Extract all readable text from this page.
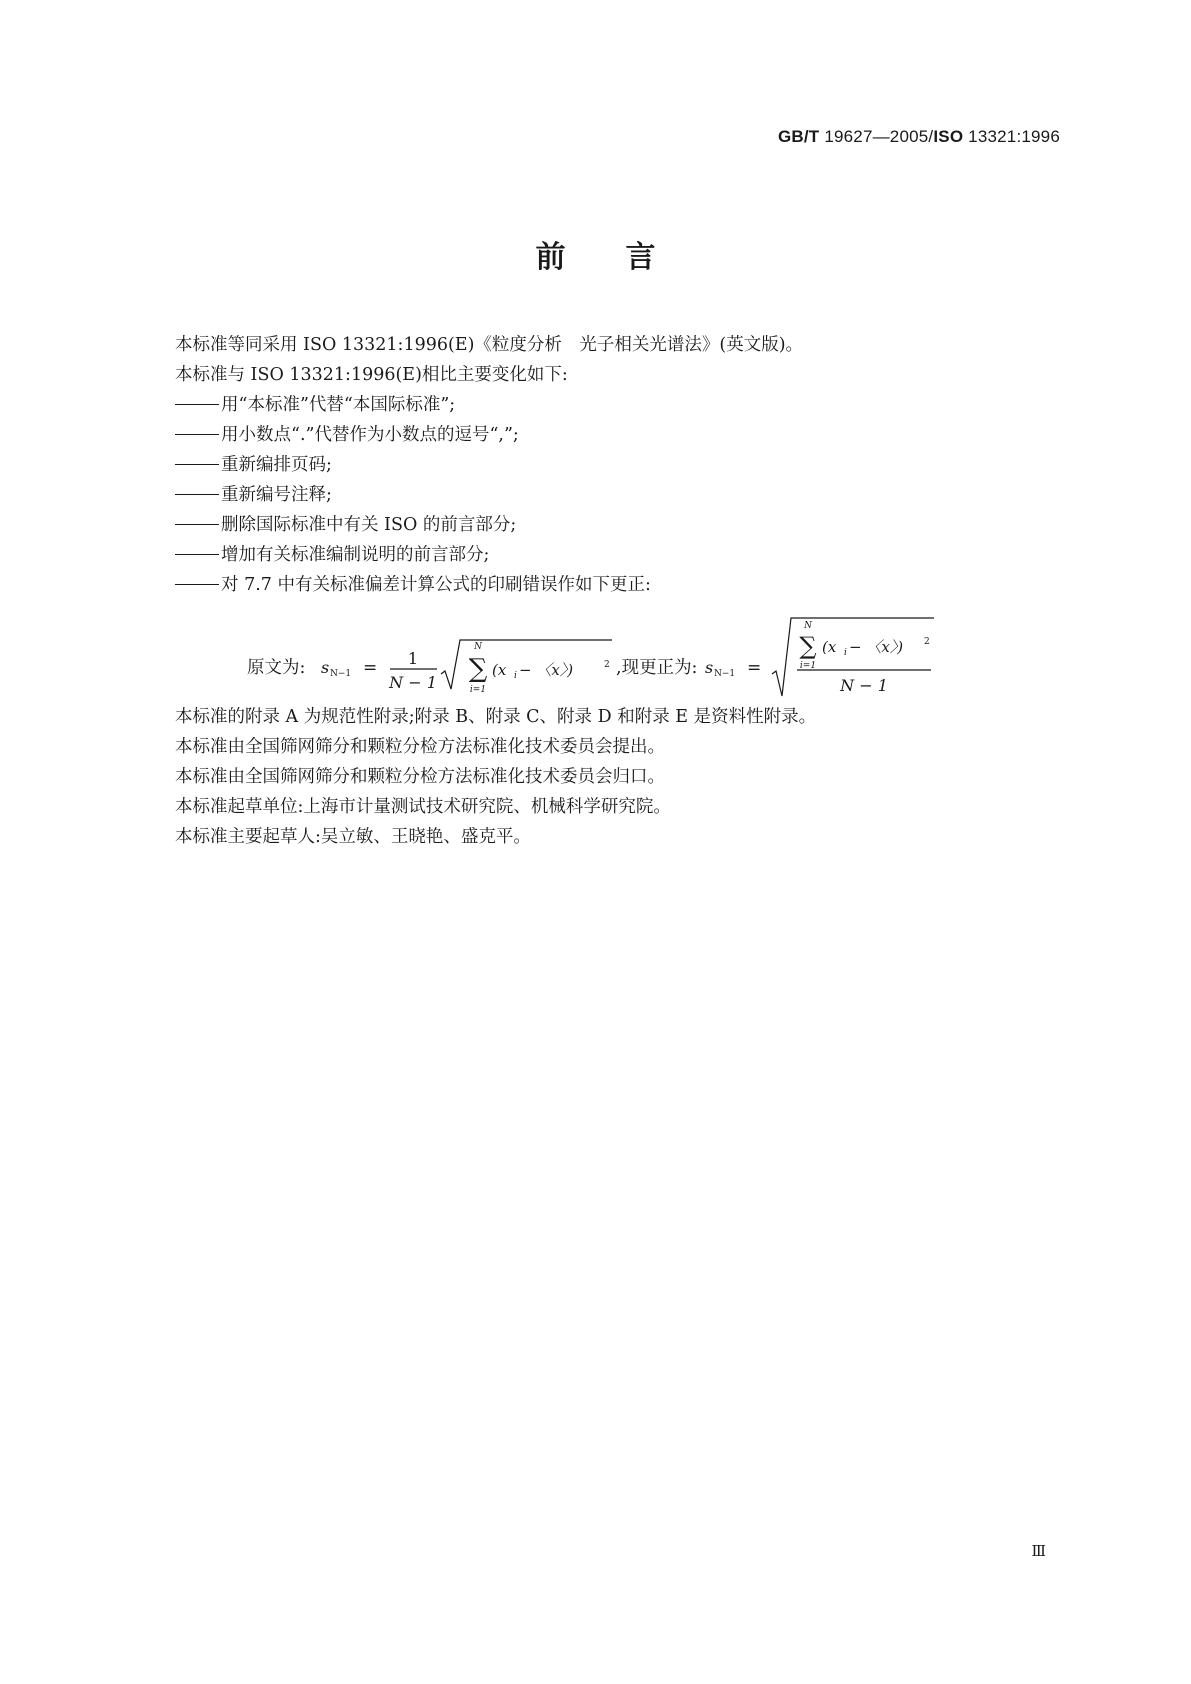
GB/T 19627—2005/ISO 13321:1996
前言

本标准等同采用 ISO 13321:1996(E)《粒度分析　光子相关光谱法》(英文版)。

本标准与 ISO 13321:1996(E)相比主要变化如下:

用“本标准”代替“本国际标准”;

用小数点“.”代替作为小数点的逗号“,”;

重新编排页码;

重新编号注释;

删除国际标准中有关 ISO 的前言部分;

增加有关标准编制说明的前言部分;

对 7.7 中有关标准偏差计算公式的印刷错误作如下更正:

原文为: s N−1 = 1
N − 1
N
∑
i=1
(x i − 〈x〉)	2 ,现更正为: s N−1 =
N
∑
i=1
(x i − 〈x〉) 2
N − 1

本标准的附录 A 为规范性附录;附录 B、附录 C、附录 D 和附录 E 是资料性附录。

本标准由全国筛网筛分和颗粒分检方法标准化技术委员会提出。

本标准由全国筛网筛分和颗粒分检方法标准化技术委员会归口。

本标准起草单位:上海市计量测试技术研究院、机械科学研究院。

本标准主要起草人:吴立敏、王晓艳、盛克平。

Ⅲ
